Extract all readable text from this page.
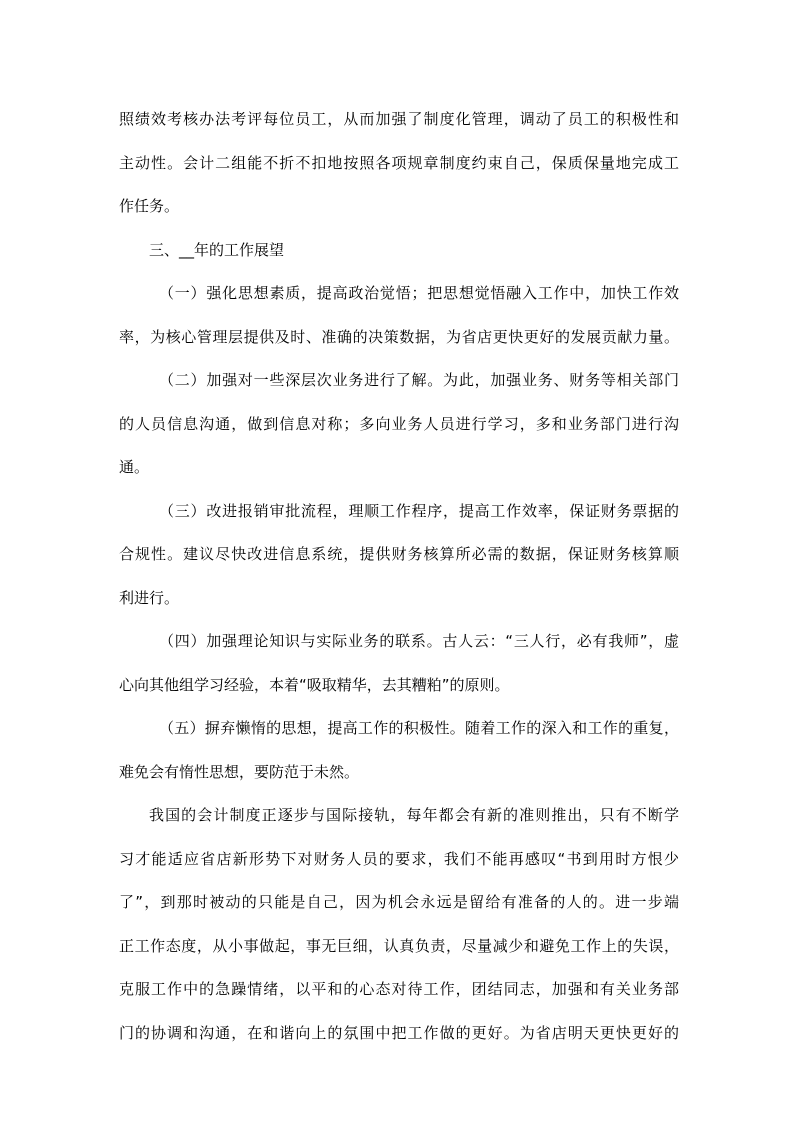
照绩效考核办法考评每位员工，从而加强了制度化管理，调动了员工的积极性和
主动性。会计二组能不折不扣地按照各项规章制度约束自己，保质保量地完成工
作任务。
三、__年的工作展望
（一）强化思想素质，提高政治觉悟；把思想觉悟融入工作中，加快工作效
率，为核心管理层提供及时、准确的决策数据，为省店更快更好的发展贡献力量。
（二）加强对一些深层次业务进行了解。为此，加强业务、财务等相关部门
的人员信息沟通，做到信息对称；多向业务人员进行学习，多和业务部门进行沟
通。
（三）改进报销审批流程，理顺工作程序，提高工作效率，保证财务票据的
合规性。建议尽快改进信息系统，提供财务核算所必需的数据，保证财务核算顺
利进行。
（四）加强理论知识与实际业务的联系。古人云：“三人行，必有我师”，虚
心向其他组学习经验，本着“吸取精华，去其糟粕”的原则。
（五）摒弃懒惰的思想，提高工作的积极性。随着工作的深入和工作的重复，
难免会有惰性思想，要防范于未然。
我国的会计制度正逐步与国际接轨，每年都会有新的准则推出，只有不断学
习才能适应省店新形势下对财务人员的要求，我们不能再感叹“书到用时方恨少
了”，到那时被动的只能是自己，因为机会永远是留给有准备的人的。进一步端
正工作态度，从小事做起，事无巨细，认真负责，尽量减少和避免工作上的失误，
克服工作中的急躁情绪，以平和的心态对待工作，团结同志，加强和有关业务部
门的协调和沟通，在和谐向上的氛围中把工作做的更好。为省店明天更快更好的
